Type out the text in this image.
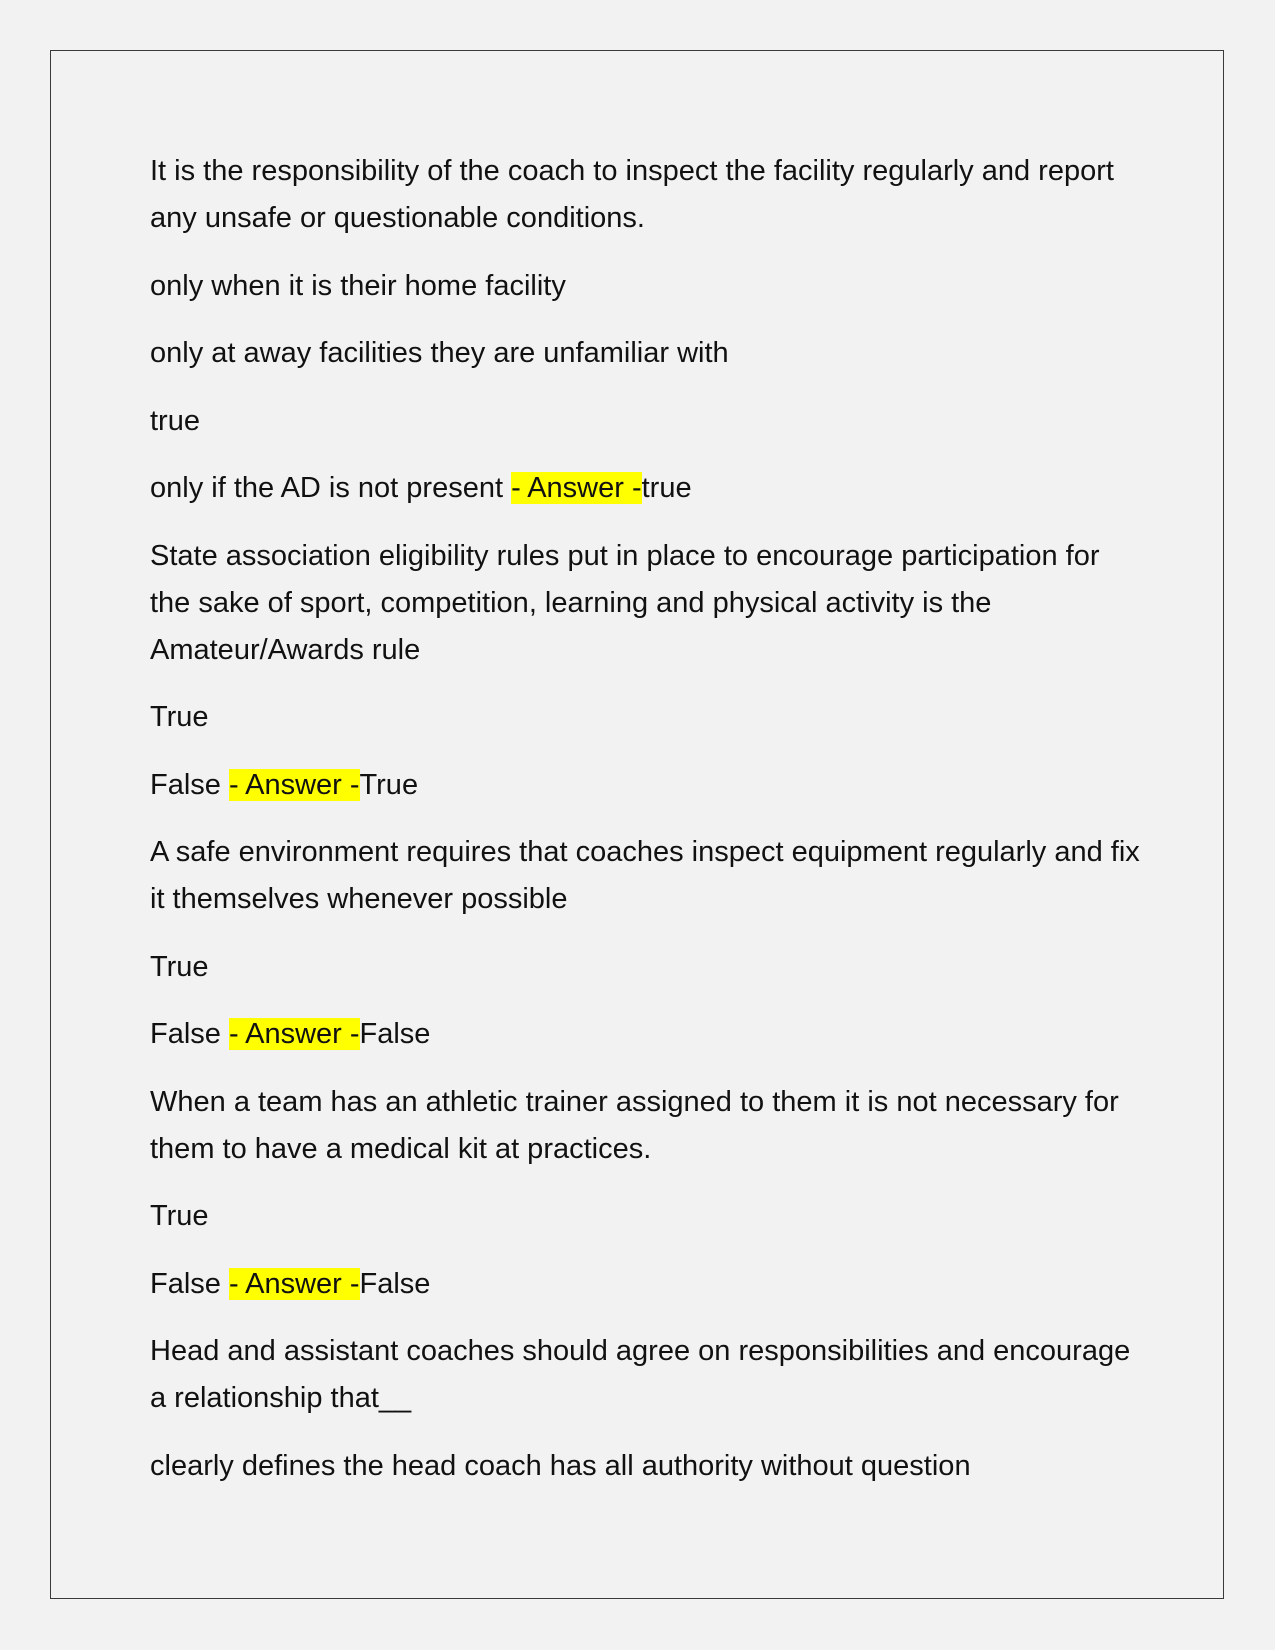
It is the responsibility of the coach to inspect the facility regularly and report any unsafe or questionable conditions.

only when it is their home facility

only at away facilities they are unfamiliar with

true

only if the AD is not present - Answer -true

State association eligibility rules put in place to encourage participation for the sake of sport, competition, learning and physical activity is the Amateur/Awards rule

True

False - Answer -True

A safe environment requires that coaches inspect equipment regularly and fix it themselves whenever possible

True

False - Answer -False

When a team has an athletic trainer assigned to them it is not necessary for them to have a medical kit at practices.

True

False - Answer -False

Head and assistant coaches should agree on responsibilities and encourage a relationship that__

clearly defines the head coach has all authority without question
